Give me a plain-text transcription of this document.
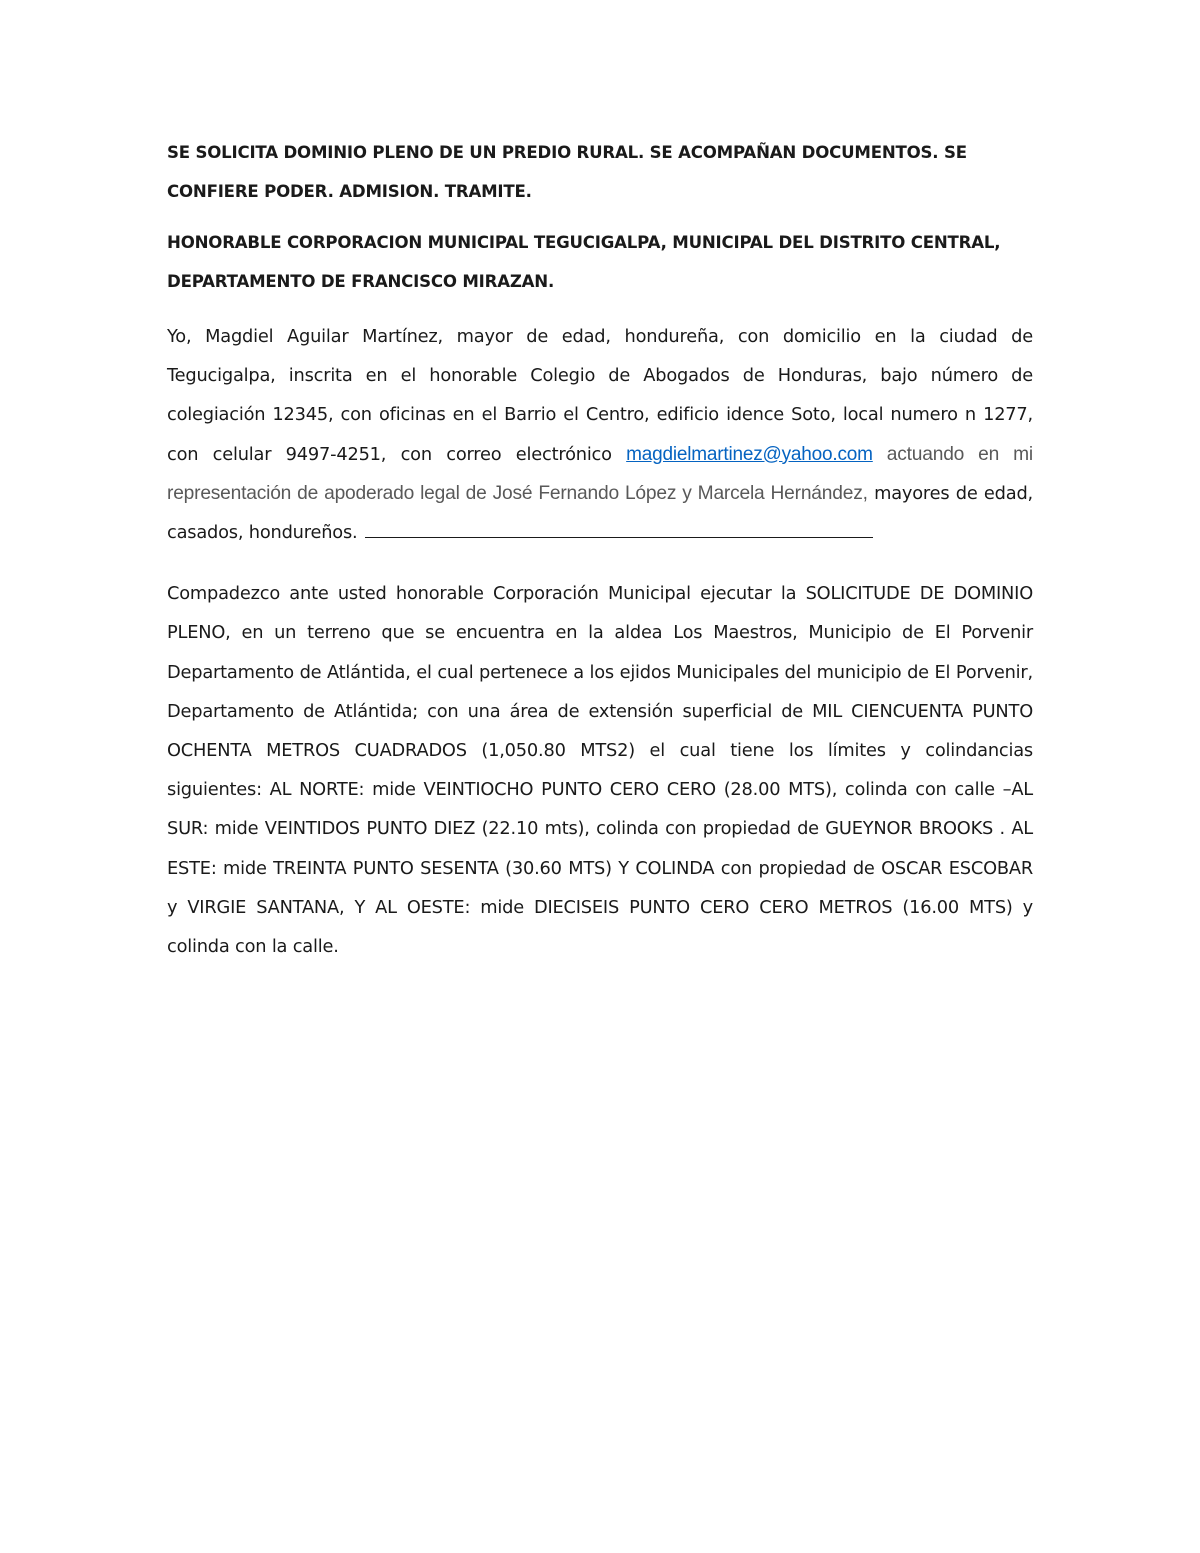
SE SOLICITA DOMINIO PLENO DE UN PREDIO RURAL. SE ACOMPAÑAN DOCUMENTOS. SE CONFIERE PODER. ADMISION. TRAMITE.

HONORABLE CORPORACION MUNICIPAL TEGUCIGALPA, MUNICIPAL DEL DISTRITO CENTRAL, DEPARTAMENTO DE FRANCISCO MIRAZAN.

Yo, Magdiel Aguilar Martínez, mayor de edad, hondureña, con domicilio en la ciudad de Tegucigalpa, inscrita en el honorable Colegio de Abogados de Honduras, bajo número de colegiación 12345, con oficinas en el Barrio el Centro, edificio idence Soto, local numero n 1277, con celular 9497-4251, con correo electrónico magdielmartinez@yahoo.com actuando en mi representación de apoderado legal de José Fernando López y Marcela Hernández, mayores de edad, casados, hondureños.

Compadezco ante usted honorable Corporación Municipal ejecutar la SOLICITUDE DE DOMINIO PLENO, en un terreno que se encuentra en la aldea Los Maestros, Municipio de El Porvenir Departamento de Atlántida, el cual pertenece a los ejidos Municipales del municipio de El Porvenir, Departamento de Atlántida; con una área de extensión superficial de MIL CIENCUENTA PUNTO OCHENTA METROS CUADRADOS (1,050.80 MTS2) el cual tiene los límites y colindancias siguientes: AL NORTE: mide VEINTIOCHO PUNTO CERO CERO (28.00 MTS), colinda con calle –AL SUR: mide VEINTIDOS PUNTO DIEZ (22.10 mts), colinda con propiedad de GUEYNOR BROOKS . AL ESTE: mide TREINTA PUNTO SESENTA (30.60 MTS) Y COLINDA con propiedad de OSCAR ESCOBAR y VIRGIE SANTANA, Y AL OESTE: mide DIECISEIS PUNTO CERO CERO METROS (16.00 MTS) y colinda con la calle.
